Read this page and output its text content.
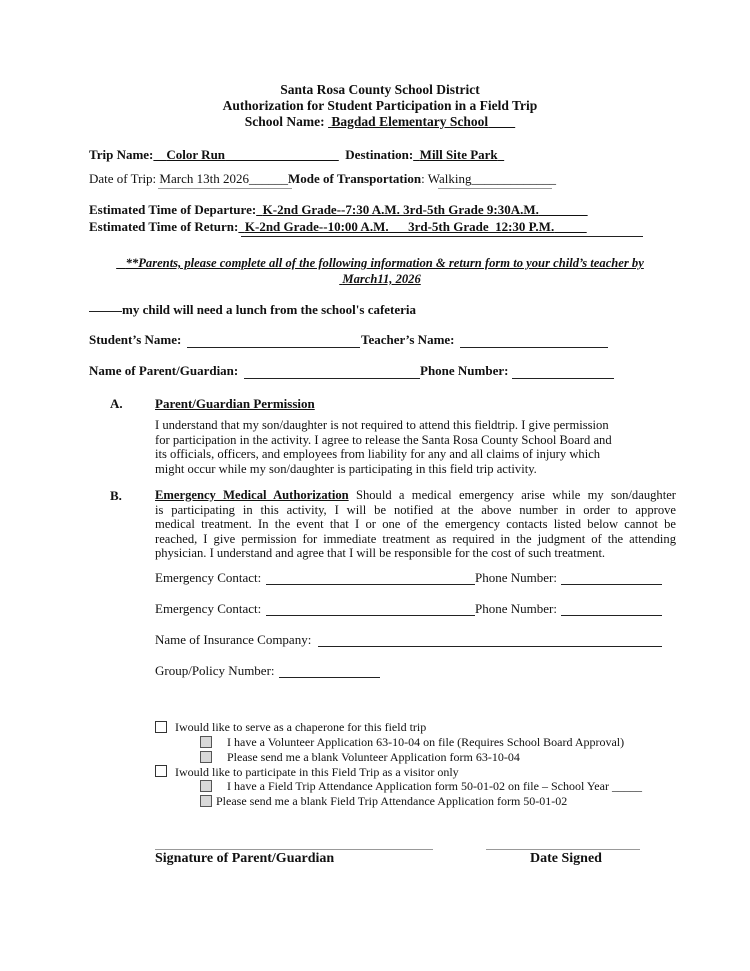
Santa Rosa County School District
Authorization for Student Participation in a Field Trip
School Name: Bagdad Elementary School
Trip Name: Color Run	Destination: Mill Site Park
Date of Trip: March 13th 2026______Mode of Transportation: Walking_____________
Estimated Time of Departure: K-2nd Grade--7:30 A.M. 3rd-5th Grade 9:30A.M.
Estimated Time of Return: K-2nd Grade--10:00 A.M.___3rd-5th Grade_12:30 P.M.
**Parents, please complete all of the following information & return form to your child’s teacher by
March11, 2026
my child will need a lunch from the school's cafeteria
Student’s Name:	Teacher’s Name:
Name of Parent/Guardian:	Phone Number:
A. Parent/Guardian Permission
I understand that my son/daughter is not required to attend this fieldtrip. I give permission
for participation in the activity. I agree to release the Santa Rosa County School Board and
its officials, officers, and employees from liability for any and all claims of injury which
might occur while my son/daughter is participating in this field trip activity.
B.	Emergency Medical Authorization Should a medical emergency arise while my son/daughter
is participating in this activity, I will be notified at the above number in order to approve
medical treatment. In the event that I or one of the emergency contacts listed below cannot be
reached, I give permission for immediate treatment as required in the judgment of the attending
physician. I understand and agree that I will be responsible for the cost of such treatment.
Emergency Contact:	Phone Number:
Emergency Contact:	Phone Number:
Name of Insurance Company:
Group/Policy Number:
Iwould like to serve as a chaperone for this field trip
I have a Volunteer Application 63-10-04 on file (Requires School Board Approval)
Please send me a blank Volunteer Application form 63-10-04
Iwould like to participate in this Field Trip as a visitor only
I have a Field Trip Attendance Application form 50-01-02 on file – School Year _____
Please send me a blank Field Trip Attendance Application form 50-01-02
Signature of Parent/Guardian	Date Signed
